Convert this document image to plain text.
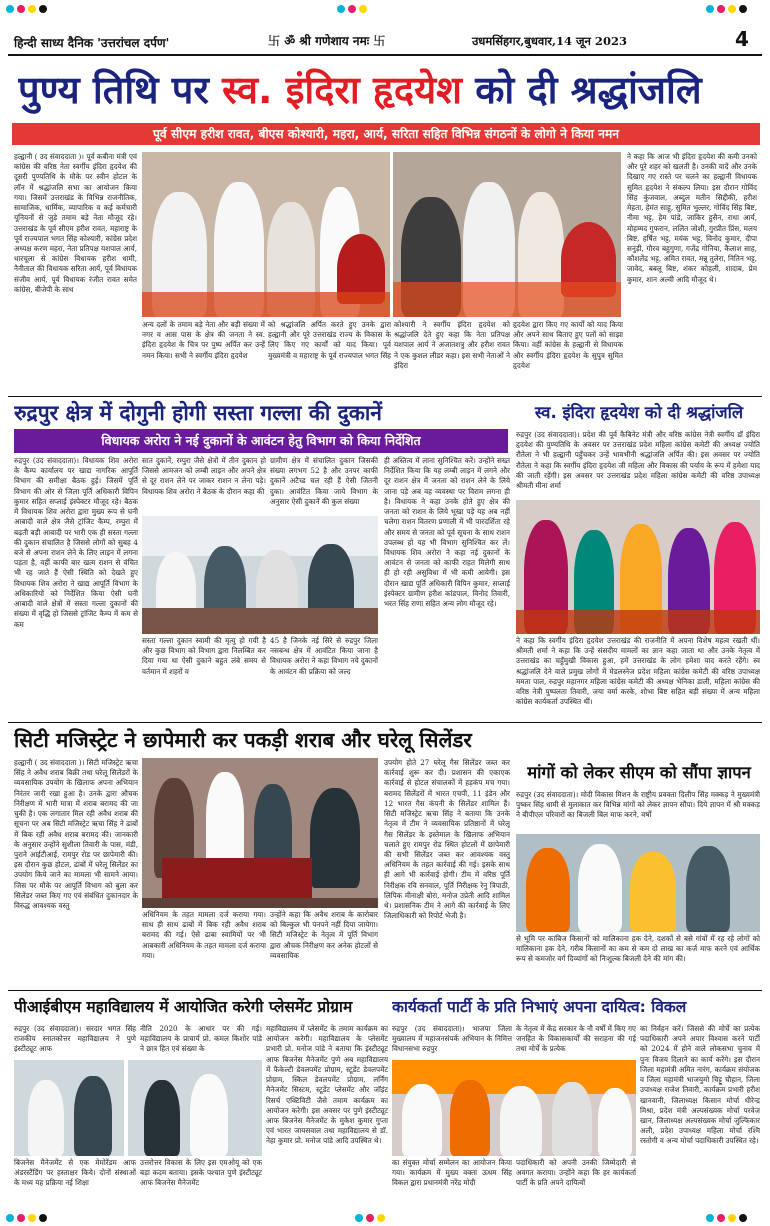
हिन्दी साध्य दैनिक 'उत्तरांचल दर्पण'	卐 ॐ श्री गणेशाय नमः 卐	उधमसिंहगर,बुधवार,14 जून 2023	4
पुण्य तिथि पर स्व. इंदिरा हृदयेश को दी श्रद्धांजलि
पूर्व सीएम हरीश रावत, बीएस कोश्यारी, महरा, आर्य, सरिता सहित विभिन्न संगठनों के लोगो ने किया नमन
हल्द्वानी ( उद संवाददाता )। पूर्व कबीना मंत्री एवं कांग्रेस की वरिष्ठ नेता स्वर्गीय इंदिरा हृदयेश की दूसरी पुण्यतिथि के मौके पर स्वीन होटल के लॉन में श्रद्धांजलि सभा का आयोजन किया गया। जिसमें उत्तराखंड के विभिन्न राजनीतिक, सामाजिक, धार्मिक, व्यापारिक व कई कर्मचारी यूनियनों से जुड़े तमाम बड़े नेता मौजूद रहे। उत्तराखंड के पूर्व सीएम हरीश रावत, महाराष्ट्र के पूर्व राज्यपाल भगत सिंह कोश्यारी, कांग्रेस प्रदेश अध्यक्ष करण महरा, नेता प्रतिपक्ष यशपाल आर्य, धारचूला से कांग्रेस विधायक हरीश धामी, नैनीताल की विधायक सरिता आर्य, पूर्व विधायक संजीव आर्य, पूर्व विधायक रंजीत रावत समेत कांग्रेस, बीजेपी के साथ
अन्य दलों के तमाम बड़े नेता और बड़ी संख्या में नगर व आस पास के क्षेत्र की जनता ने स्व. इंदिरा हृदयेश के चित्र पर पुष्प अर्पित कर उन्हें नमन किया। सभी ने स्वर्गीय इंदिरा हृदयेश
को श्रद्धांजलि अर्पित करते हुए उनके द्वारा हल्द्वानी और पूरे उत्तराखंड राज्य के विकास के लिए किए गए कार्यों को याद किया। पूर्व मुख्यमंत्री व महाराष्ट्र के पूर्व राज्यपाल भगत सिंह
कोश्यारी ने स्वर्गीय इंदिरा हृदयेश को श्रद्धांजलि देते हुए कहा कि नेता प्रतिपक्ष यशपाल आर्य ने अजातशत्रु और हरीश रावत ने एक कुशल लीडर कहा। इस सभी नेताओं ने इंदिरा
हृदयेश द्वारा किए गए कार्यों को याद किया और अपने साथ बिताए हुए पलों को साझा किया। वहीं कांग्रेस के हल्द्वानी से विधायक और स्वर्गीय इंदिरा हृदयेश के सुपुत्र सुमित हृदयेश
ने कहा कि आज भी इंदिरा हृदयेश की कमी उनको और पूरे शहर को खलती है। उनकी यादें और उनके दिखाए गए रास्ते पर चलने का हल्द्वानी विधायक सुमित हृदयेश ने संकल्प लिया। इस दौरान गोविंद सिंह कुंजवाल, अब्दुल मतीन सिद्दीकी, हरीश मेहता, हेमंत साहू, सुमित भुल्लर, गोविंद सिंह बिष्ट, नीमा भट्ट, हेम पांडे, जाकिर हुसैन, राधा आर्य, मोहम्मद गुफरान, ललित जोशी, गुरप्रीत प्रिंस, मलय बिष्ट, हर्षित भट्ट, मयंक भट्ट, विनोद कुमार, दीपा सनुड़ी, गौरव बहुगुणा, गजेंद्र गोनिया, कैलाश साह, कौशलेंद्र भट्ट, अमित रावत, मन्नू तुलेरा, नितिन भट्ट, जावेद, बबलू बिष्ट, शंकर कोहली, शादाब, प्रेम कुमार, शान अल्वी आदि मौजूद थे।
रुद्रपुर क्षेत्र में दोगुनी होगी सस्ता गल्ला की दुकानें
विधायक अरोरा ने नई दुकानों के आवंटन हेतु विभाग को किया निर्देशित
रुद्रपुर (उद संवाददाता)। विधायक शिव अरोरा के कैम्प कार्यालय पर खाद्य नागरिक आपूर्ति विभाग की समीक्षा बैठक हुई। जिसमें पूर्ति विभाग की ओर से जिला पूर्ति अधिकारी विपिन कुमार सहित सप्लाई इंस्पेक्टर मौजूद रहे। बैठक में विधायक शिव अरोरा द्वारा मुख्य रूप से घनी आबादी वाले क्षेत्र जैसे ट्रांजिट कैम्प, रम्पुरा में बढ़ती बड़ी आबादी पर भारी एक ही सस्ता गल्ला की दुकान संचालित है जिससे लोगों को सुबह 4 बजे से अपना राशन लेने के लिए लाइन में लगना पड़ता है, वहीं काफी बार खत्म राशन से वंचित भी रह जाते हैं ऐसी स्थिति को देखते हुए विधायक शिव अरोरा ने खाद्य आपूर्ति विभाग के अधिकारियों को निर्देशित किया ऐसी घनी आबादी वाले क्षेत्रों में सस्ता गल्ला दुकानों की संख्या में वृद्धि हो जिससे ट्रांजिट कैम्प में कम से कम
सात दुकानें, रम्पुरा जैसे क्षेत्रों में तीन दुकान हो जिससे आमजन को लम्बी लाइन और अपने क्षेत्र से दूर राशन लेने पर जाकर राशन न लेना पड़े। विधायक शिव अरोरा ने बैठक के दौरान कहा की
ग्रामीण क्षेत्र में संचालित दुकान जिसकी संख्या लगभग 52 है और उनपर काफी दुकानें अटैच्ड चल रही हैं ऐसी जितनी दुका। आवंटित किया जाये विभाग के अनुसार ऐसी दुकानें की कुल संख्या
सस्ता गल्ला दुकान स्वामी की मृत्यु हो गयी है और कुछ विभाग को विभाग द्वारा निलम्बित कर दिया गया था ऐसी दुकाने बहुत लंबे समय से वर्तमान में शहरों व
45 है जिनके नई सिरे से रुद्रपुर जिला नसबन्ध क्षेत्र में आवंटित किया जाना है विधायक अरोरा ने कहा विभाग नये दुकानों के आवंटन की प्रक्रिया को जल्द
ही अस्तित्व में लाना सुनिश्चित करें। उन्होंने सख्त निर्देशित किया कि यह लम्बी लाइन में लगने और दूर राशन क्षेत्र में जनता को राशन लेने के लिये जाना पड़े अब वह व्यवस्था पर विराम लगना ही है। विधायक ने कहा उनके होते हुए क्षेत्र की जनता को राशन के लिये भूखा पड़े यह अब नहीं चलेगा राशन वितरण प्रणाली में भी पारदर्शिता रहे और समय से जनता को पूर्व सूचना के साथ राशन उपलब्ध हो यह भी विभाग सुनिश्चित कर लें। विधायक शिव अरोरा ने कहा नई दुकानों के आवंटन से जनता को काफी राहत मिलेगी साथ ही हो रही असुविधा में भी कमी आयेगी। इस दौरान खाद्य पूर्ति अधिकारी विपिन कुमार, सप्लाई इंस्पेक्टर ग्रामीण हरीश कांडपाल, विनोद तिवारी, भरत सिंह राणा सहित अन्य लोग मौजूद रहे।
स्व. इंदिरा हृदयेश को दी श्रद्धांजलि
रुद्रपुर (उद संवाददाता)। प्रदेश की पूर्व कैबिनेट मंत्री और वरिष्ठ कांग्रेस नेत्री स्वर्गीय डॉ इंदिरा हृदयेश की पुण्यतिथि के अवसर पर उत्तराखंड प्रदेश महिला कांग्रेस कमेटी की अध्यक्ष ज्योति रौतेला ने भी हल्द्वानी पहुँचकर उन्हें भावभीनी श्रद्धांजलि अर्पित की। इस अवसर पर ज्योति रौतेला ने कहा कि स्वर्गीय इंदिरा हृदयेश जी महिला और विकास की पर्याय के रूप में हमेशा याद की जाती रहेंगी। इस अवसर पर उत्तराखंड प्रदेश महिला कांग्रेस कमेटी की वरिष्ठ उपाध्यक्ष श्रीमती मीना शर्मा
ने कहा कि स्वर्गीय इंदिरा हृदयेश उत्तराखंड की राजनीति में अपना विशेष महत्व रखती थीं। श्रीमती शर्मा ने कहा कि उन्हें संसदीय मामलों का ज्ञान कहा जाता था और उनके नेतृत्व में उत्तराखंड का चहुँमुखी विकास हुआ, हमें उत्तराखंड के लोग हमेशा याद करते रहेंगे। स्व श्रद्धांजलि देने वाले प्रमुख लोगों में मेडलस्नेज प्रदेश महिला कांग्रेस कमेटी की वरिष्ठ उपाध्यक्ष ममता पाल, रुद्रपुर महानगर महिला कांग्रेस कमेटी की अध्यक्ष भेनिका डाली, महिला कांग्रेस की वरिष्ठ नेत्री पुष्पलता तिवारी, जया वर्मा करके, शोभा बिष्ट सहित बड़ी संख्या में अन्य महिला कांग्रेस कार्यकर्ता उपस्थित थीं।
सिटी मजिस्ट्रेट ने छापेमारी कर पकड़ी शराब और घरेलू सिलेंडर
हल्द्वानी ( उद संवाददाता )। सिटी मजिस्ट्रेट ऋचा सिंह ने अवैध शराब बिक्री तथा घरेलू सिलेंडरों के व्यवसायिक उपयोग के खिलाफ अपना अभियान निरंतर जारी रखा हुआ है। उनके द्वारा औचक निरीक्षण में भारी मात्रा में शराब बरामद की जा चुकी है। एक लगातार मिल रही अवैध शराब की सूचना पर अब सिटी मजिस्ट्रेट ऋचा सिंह ने ढाबों में बिक रही अवैध शराब बरामद की। जानकारी के अनुसार उन्होंने सुशीला तिवारी के पास, मंडी, पुराने आईटीआई, रामपुर रोड पर छापेमारी की। इस दौरान कुछ होटल, ढाबों में घरेलू सिलेंडर का उपयोग किये जाने का मामला भी सामने आया। जिस पर मौके पर आपूर्ति विभाग को बुला कर सिलेंडर जब्त किए गए एवं संबंधित दुकानदार के विरुद्ध आवश्यक वस्तु
अधिनियम के तहत मामला दर्ज कराया गया। साथ ही साथ ढाबों में बिक रही अवैध शराब बरामद की गई। ऐसे ढाबा स्वामियों पर भी आबकारी अधिनियम के तहत मामला दर्ज कराया गया।
उन्होंने कहा कि अवैध शराब के कारोबार को बिल्कुल भी पनपने नहीं दिया जायेगा। सिटी मजिस्ट्रेट के नेतृत्व में पूर्ति विभाग द्वारा औचक निरीक्षण कर अनेक होटलों से व्यवसायिक
उपयोग होते 27 घरेलू गैस सिलेंडर जब्त कर कार्रवाई शुरू कर दी। प्रशासन की एकाएक कार्रवाई से होटल संचालकों में हड़कंप मच गया। बरामद सिलेंडरों में भारत एचपी, 11 इंडेन और 12 भारत गैस कंपनी के सिलेंडर शामिल हैं। सिटी मजिस्ट्रेट ऋचा सिंह ने बताया कि उनके नेतृत्व में टीम ने व्यवसायिक प्रतिष्ठानों में घरेलू गैस सिलेंडर के इस्तेमाल के खिलाफ अभियान चलाते हुए रामपुर रोड स्थित होटलों में छापेमारी की सभी सिलेंडर जब्त कर आवश्यक वस्तु अधिनियम के तहत कार्रवाई की गई। इसके साथ ही आगे भी कार्रवाई होगी। टीम में वरिष्ठ पूर्ति निरीक्षक रवि सनवाल, पूर्ति निरीक्षक रेनु त्रिपाठी, लिपिक मीनाक्षी बोरा, मनोज उप्रेती आदि शामिल थे। प्रशासनिक टीम ने आगे की कार्रवाई के लिए जिलाधिकारी को रिपोर्ट भेजी है।
मांगों को लेकर सीएम को सौंपा ज्ञापन
रुद्रपुर (उद संवाददाता)। मोदी विकास मिशन के राष्ट्रीय प्रवक्ता दिलीप सिंह मक्कड़ ने मुख्यमंत्री पुष्कर सिंह धामी से मुलाकात कर विभिन्न मांगों को लेकर ज्ञापन सौंपा। दिये ज्ञापन में श्री मक्कड़ ने बीपीएल परिवारों का बिजली बिल माफ करने, वर्षों
से भूमि पर काबिज किसानों को मालिकाना हक देने, दशकों से बसे गांवों में रह रहे लोगों को मालिकाना हक देने, गरीब किसानों का कम से कम दो लाख का कर्ज माफ करने एवं आर्थिक रूप से कमजोर वर्ग दिव्यांगों को निःशुल्क बिजली देने की मांग की।
पीआईबीएम महाविद्यालय में आयोजित करेगी प्लेसमेंट प्रोग्राम
रुद्रपुर (उद संवाददाता)। सरदार भगत सिंह राजकीय स्नातकोत्तर महाविद्यालय ने पुणे इंस्टीट्यूट आफ
नीति 2020 के आधार पर की गई। महाविद्यालय के प्राचार्य प्रो. कमल किशोर पांडे ने छात्र हित एवं संख्या के
बिजनेस मैनेजमेंट से एक मेमोरेंडम आफ अंडरस्टैंडिंग पर हस्ताक्षर किये। दोनों संस्थाओं के मध्य यह प्रक्रिया नई शिक्षा
उत्तरोत्तर विकास के लिए इस एमओयू को एक बड़ा कदम बताया। इसके पश्चात पुणे इंस्टीट्यूट आफ बिजनेस मैनेजमेंट
महाविद्यालय में प्लेसमेंट के तमाम कार्यक्रम का आयोजन करेगी। महाविद्यालय के प्लेसमेंट प्रभारी प्रो. मनोज पांडे ने बताया कि इंस्टीट्यूट आफ बिजनेस मैनेजमेंट पुणे अब महाविद्यालय में फैकेल्टी डेवलपमेंट प्रोग्राम, स्टूडेंट डेवलपमेंट प्रोग्राम, स्किल डेवलपमेंट प्रोग्राम, लर्निंग मैनेजमेंट सिस्टम, स्टूडेंट प्लेसमेंट और जॉइंट रिसर्च एक्टिविटी जैसे तमाम कार्यक्रम का आयोजन करेगी। इस अवसर पर पुणे इंस्टीट्यूट आफ बिजनेस मैनेजमेंट के मुकेश कुमार गुप्ता एवं भारत जायसवाल तथा महाविद्यालय से डॉ. नेहा कुमार प्रो. मनोज पांडे आदि उपस्थित थे।
कार्यकर्ता पार्टी के प्रति निभाएं अपना दायित्व: विकल
रुद्रपुर (उद संवाददाता)। भाजपा जिला मुख्यालय में महाजनसंपर्क अभियान के निमित्त विधानसभा रुद्रपुर
के नेतृत्व में केंद्र सरकार के नौ वर्षों में किए गए जनहित के विकासकार्यों की सराहना की गई तथा मोर्चे के प्रत्येक
का संयुक्त मोर्चा सम्मेलन का आयोजन किया गया। कार्यक्रम में मुख्य वक्ता ऊधम सिंह विकल द्वारा प्रधानमंत्री नरेंद्र मोदी
पदाधिकारी को अपनी उनकी जिम्मेदारी से अवगत कराया। उन्होंने कहा कि हर कार्यकर्ता पार्टी के प्रति अपने दायित्वों
का निर्वहन करें। जिससे की मोर्चे का प्रत्येक पदाधिकारी अपने अपार विश्वास करने पार्टी को 2024 में होने वाले लोकसभा चुनाव में पुनः विजय दिलाने का कार्य करेंगे। इस दौरान जिला महामंत्री अमित नारंग, कार्यक्रम संयोजक व जिला महामंत्री भाजयुमो चिट्टू चौहान, जिला उपाध्यक्ष राजेश तिवारी, कार्यक्रम प्रभारी हरीश खानवानी, जिलाध्यक्ष किसान मोर्चा धीरेन्द्र मिश्रा, प्रदेश मंत्री अल्पसंख्यक मोर्चा परवेज खान, जिलाध्यक्ष अल्पसंख्यक मोर्चा जुल्फिकार अली, प्रदेश उपाध्यक्ष महिला मोर्चा रश्मि रस्तोगी व अन्य मोर्चा पदाधिकारी उपस्थित रहे।
